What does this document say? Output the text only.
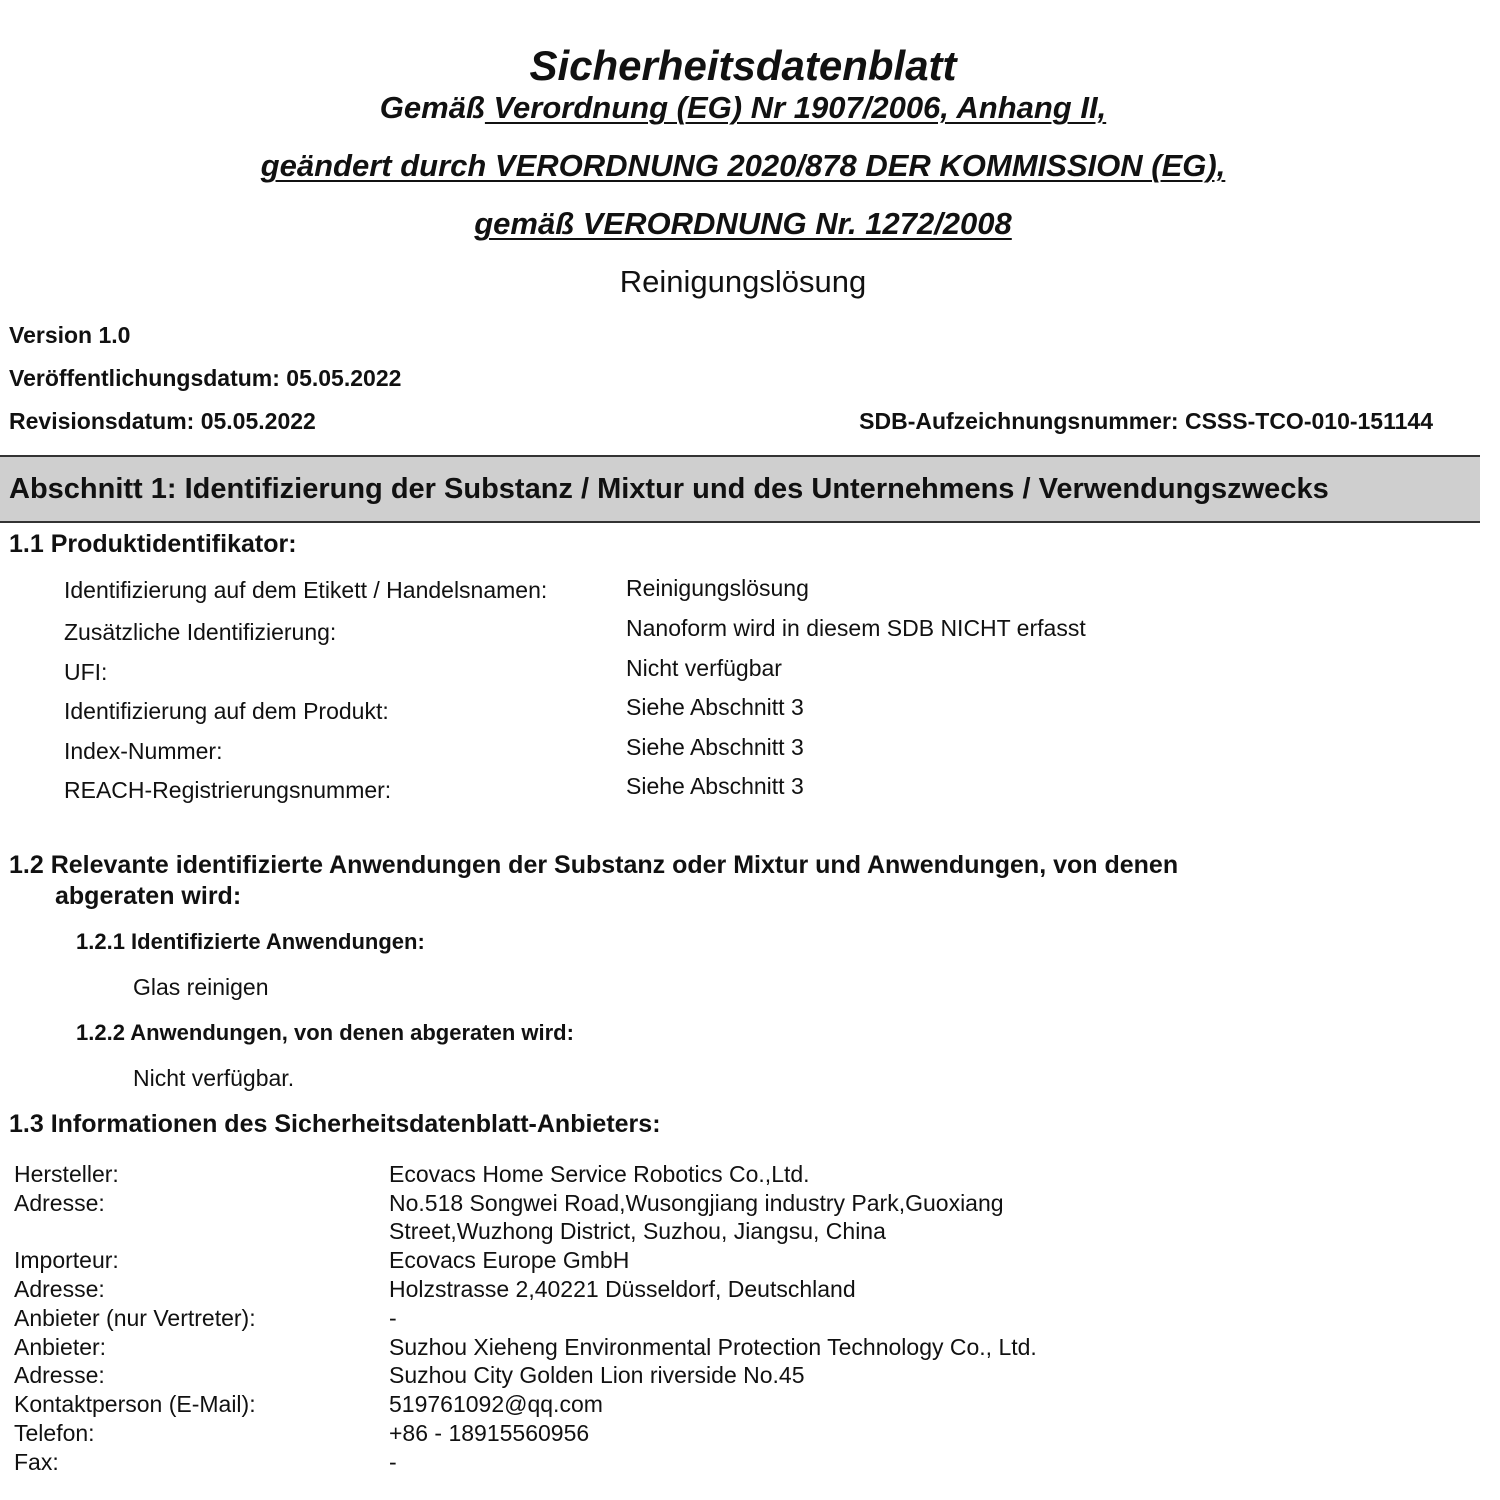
Sicherheitsdatenblatt
Gemäß Verordnung (EG) Nr 1907/2006, Anhang II,
geändert durch VERORDNUNG 2020/878 DER KOMMISSION (EG),
gemäß VERORDNUNG Nr. 1272/2008
Reinigungslösung
Version 1.0
Veröffentlichungsdatum: 05.05.2022
Revisionsdatum: 05.05.2022	SDB-Aufzeichnungsnummer: CSSS-TCO-010-151144
Abschnitt 1: Identifizierung der Substanz / Mixtur und des Unternehmens / Verwendungszwecks
1.1 Produktidentifikator:
Identifizierung auf dem Etikett / Handelsnamen:	Reinigungslösung
Zusätzliche Identifizierung:	Nanoform wird in diesem SDB NICHT erfasst
UFI:	Nicht verfügbar
Identifizierung auf dem Produkt:	Siehe Abschnitt 3
Index-Nummer:	Siehe Abschnitt 3
REACH-Registrierungsnummer:	Siehe Abschnitt 3
1.2 Relevante identifizierte Anwendungen der Substanz oder Mixtur und Anwendungen, von denen
abgeraten wird:
1.2.1 Identifizierte Anwendungen:
Glas reinigen
1.2.2 Anwendungen, von denen abgeraten wird:
Nicht verfügbar.
1.3 Informationen des Sicherheitsdatenblatt-Anbieters:
Hersteller:	Ecovacs Home Service Robotics Co.,Ltd.
Adresse:	No.518 Songwei Road,Wusongjiang industry Park,Guoxiang
Street,Wuzhong District, Suzhou, Jiangsu, China
Importeur:	Ecovacs Europe GmbH
Adresse:	Holzstrasse 2,40221 Düsseldorf, Deutschland
Anbieter (nur Vertreter):	-
Anbieter:	Suzhou Xieheng Environmental Protection Technology Co., Ltd.
Adresse:	Suzhou City Golden Lion riverside No.45
Kontaktperson (E-Mail):	519761092@qq.com
Telefon:	+86 - 18915560956
Fax:	-
